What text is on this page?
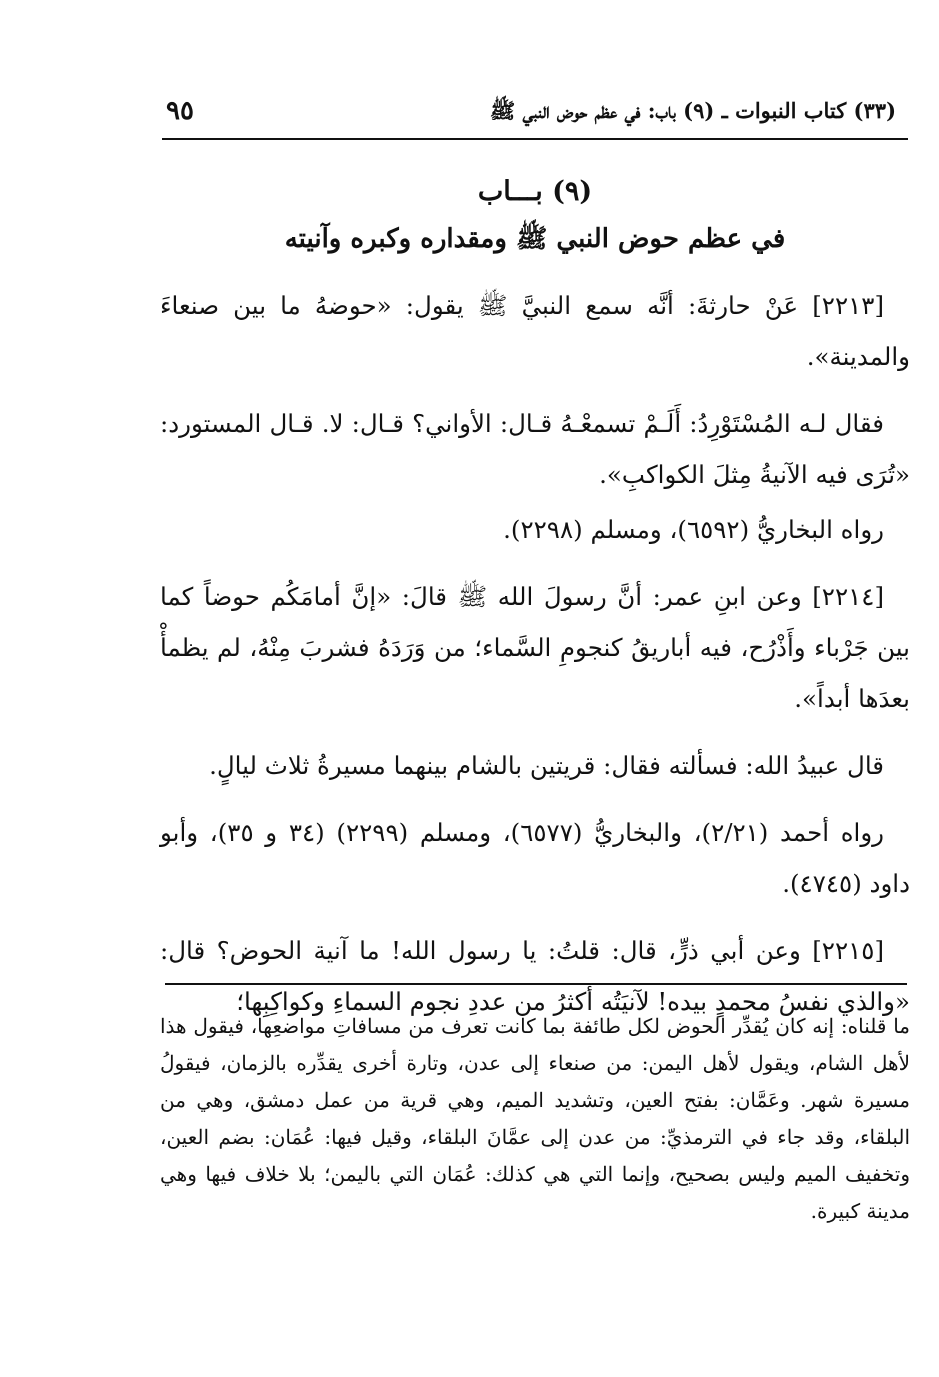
٩٥	(٣٣) كتاب النبوات ـ (٩) باب: في عظم حوض النبي ﷺ

(٩) بـــاب

في عظم حوض النبي ﷺ ومقداره وكبره وآنيته

[٢٢١٣] عَنْ حارثةَ: أنَّه سمع النبيَّ ﷺ يقول: «حوضهُ ما بين صنعاءَ والمدينة».

فقال لـه المُسْتَوْرِدُ: أَلَـمْ تسمعْـهُ قـال: الأواني؟ قـال: لا. قـال المستورد: «تُرَى فيه الآنيةُ مِثلَ الكواكبِ».

رواه البخاريُّ (٦٥٩٢)، ومسلم (٢٢٩٨).

[٢٢١٤] وعن ابنِ عمر: أنَّ رسولَ الله ﷺ قالَ: «إنَّ أمامَكُم حوضاً كما بين جَرْباء وأَذْرُح، فيه أباريقُ كنجومِ السَّماء؛ من وَرَدَهُ فشربَ مِنْهُ، لم يظمأْ بعدَها أبداً».

قال عبيدُ الله: فسألته فقال: قريتين بالشام بينهما مسيرةُ ثلاث ليالٍ.

رواه أحمد (٢/٢١)، والبخاريُّ (٦٥٧٧)، ومسلم (٢٢٩٩) (٣٤ و ٣٥)، وأبو داود (٤٧٤٥).

[٢٢١٥] وعن أبي ذرٍّ، قال: قلتُ: يا رسول الله! ما آنية الحوض؟ قال: «والذي نفسُ محمدٍ بيده! لآنيَتُه أكثرُ من عددِ نجوم السماءِ وكواكِبِها؛

ما قلناه: إنه كان يُقدِّر الحوض لكل طائفة بما كانت تعرف من مسافاتِ مواضعِها، فيقول هذا لأهل الشام، ويقول لأهل اليمن: من صنعاء إلى عدن، وتارة أخرى يقدِّره بالزمان، فيقولُ مسيرة شهر. وعَمَّان: بفتح العين، وتشديد الميم، وهي قرية من عمل دمشق، وهي من البلقاء، وقد جاء في الترمذيِّ: من عدن إلى عمَّانَ البلقاء، وقيل فيها: عُمَان: بضم العين، وتخفيف الميم وليس بصحيح، وإنما التي هي كذلك: عُمَان التي باليمن؛ بلا خلاف فيها وهي مدينة كبيرة.
